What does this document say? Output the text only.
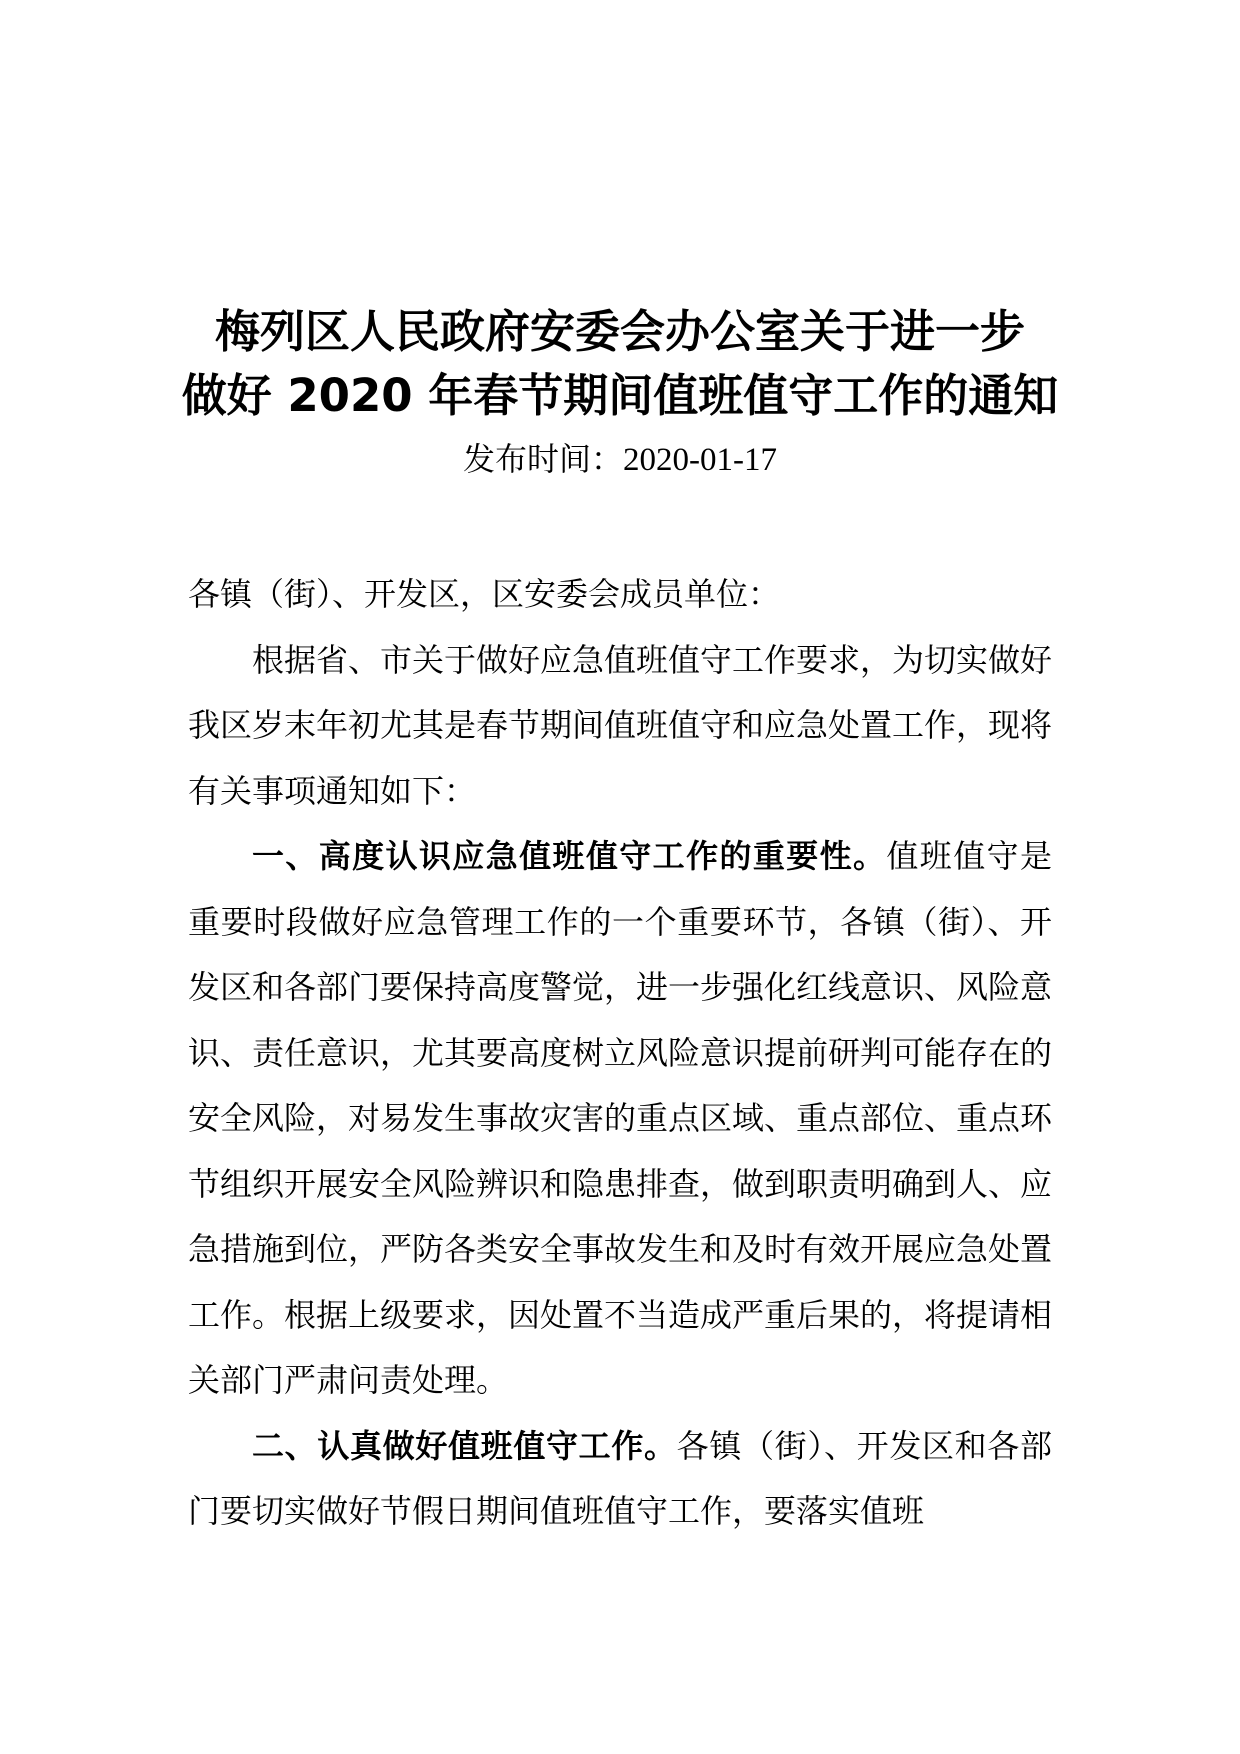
梅列区人民政府安委会办公室关于进一步
做好 2020 年春节期间值班值守工作的通知
发布时间：2020-01-17

各镇（街）、开发区，区安委会成员单位：

根据省、市关于做好应急值班值守工作要求，为切实做好我区岁末年初尤其是春节期间值班值守和应急处置工作，现将有关事项通知如下：

一、高度认识应急值班值守工作的重要性。值班值守是重要时段做好应急管理工作的一个重要环节，各镇（街）、开发区和各部门要保持高度警觉，进一步强化红线意识、风险意识、责任意识，尤其要高度树立风险意识提前研判可能存在的安全风险，对易发生事故灾害的重点区域、重点部位、重点环节组织开展安全风险辨识和隐患排查，做到职责明确到人、应急措施到位，严防各类安全事故发生和及时有效开展应急处置工作。根据上级要求，因处置不当造成严重后果的，将提请相关部门严肃问责处理。

二、认真做好值班值守工作。各镇（街）、开发区和各部门要切实做好节假日期间值班值守工作，要落实值班
